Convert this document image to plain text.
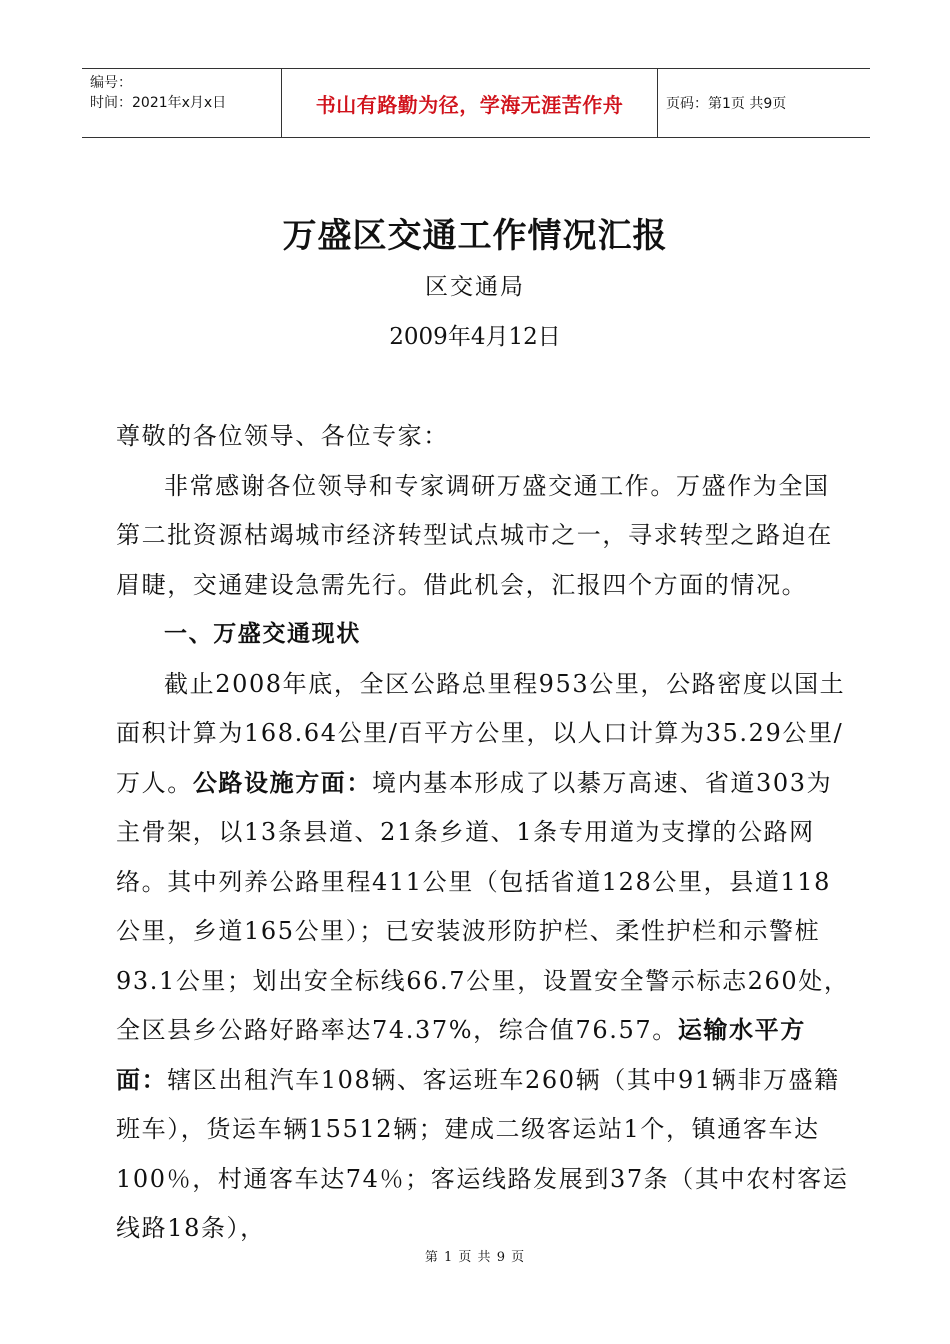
编号：
时间：2021年x月x日	书山有路勤为径，学海无涯苦作舟	页码：第1页 共9页
万盛区交通工作情况汇报
区交通局
2009年4月12日

尊敬的各位领导、各位专家：

非常感谢各位领导和专家调研万盛交通工作。万盛作为全国第二批资源枯竭城市经济转型试点城市之一，寻求转型之路迫在眉睫，交通建设急需先行。借此机会，汇报四个方面的情况。

一、万盛交通现状

截止2008年底，全区公路总里程953公里，公路密度以国土面积计算为168.64公里/百平方公里，以人口计算为35.29公里/万人。公路设施方面：境内基本形成了以綦万高速、省道303为主骨架，以13条县道、21条乡道、1条专用道为支撑的公路网络。其中列养公路里程411公里（包括省道128公里，县道118公里，乡道165公里）；已安装波形防护栏、柔性护栏和示警桩93.1公里；划出安全标线66.7公里，设置安全警示标志260处，全区县乡公路好路率达74.37%，综合值76.57。运输水平方面：辖区出租汽车108辆、客运班车260辆（其中91辆非万盛籍班车），货运车辆15512辆；建成二级客运站1个，镇通客车达100％，村通客车达74％；客运线路发展到37条（其中农村客运线路18条），

第 1 页 共 9 页
